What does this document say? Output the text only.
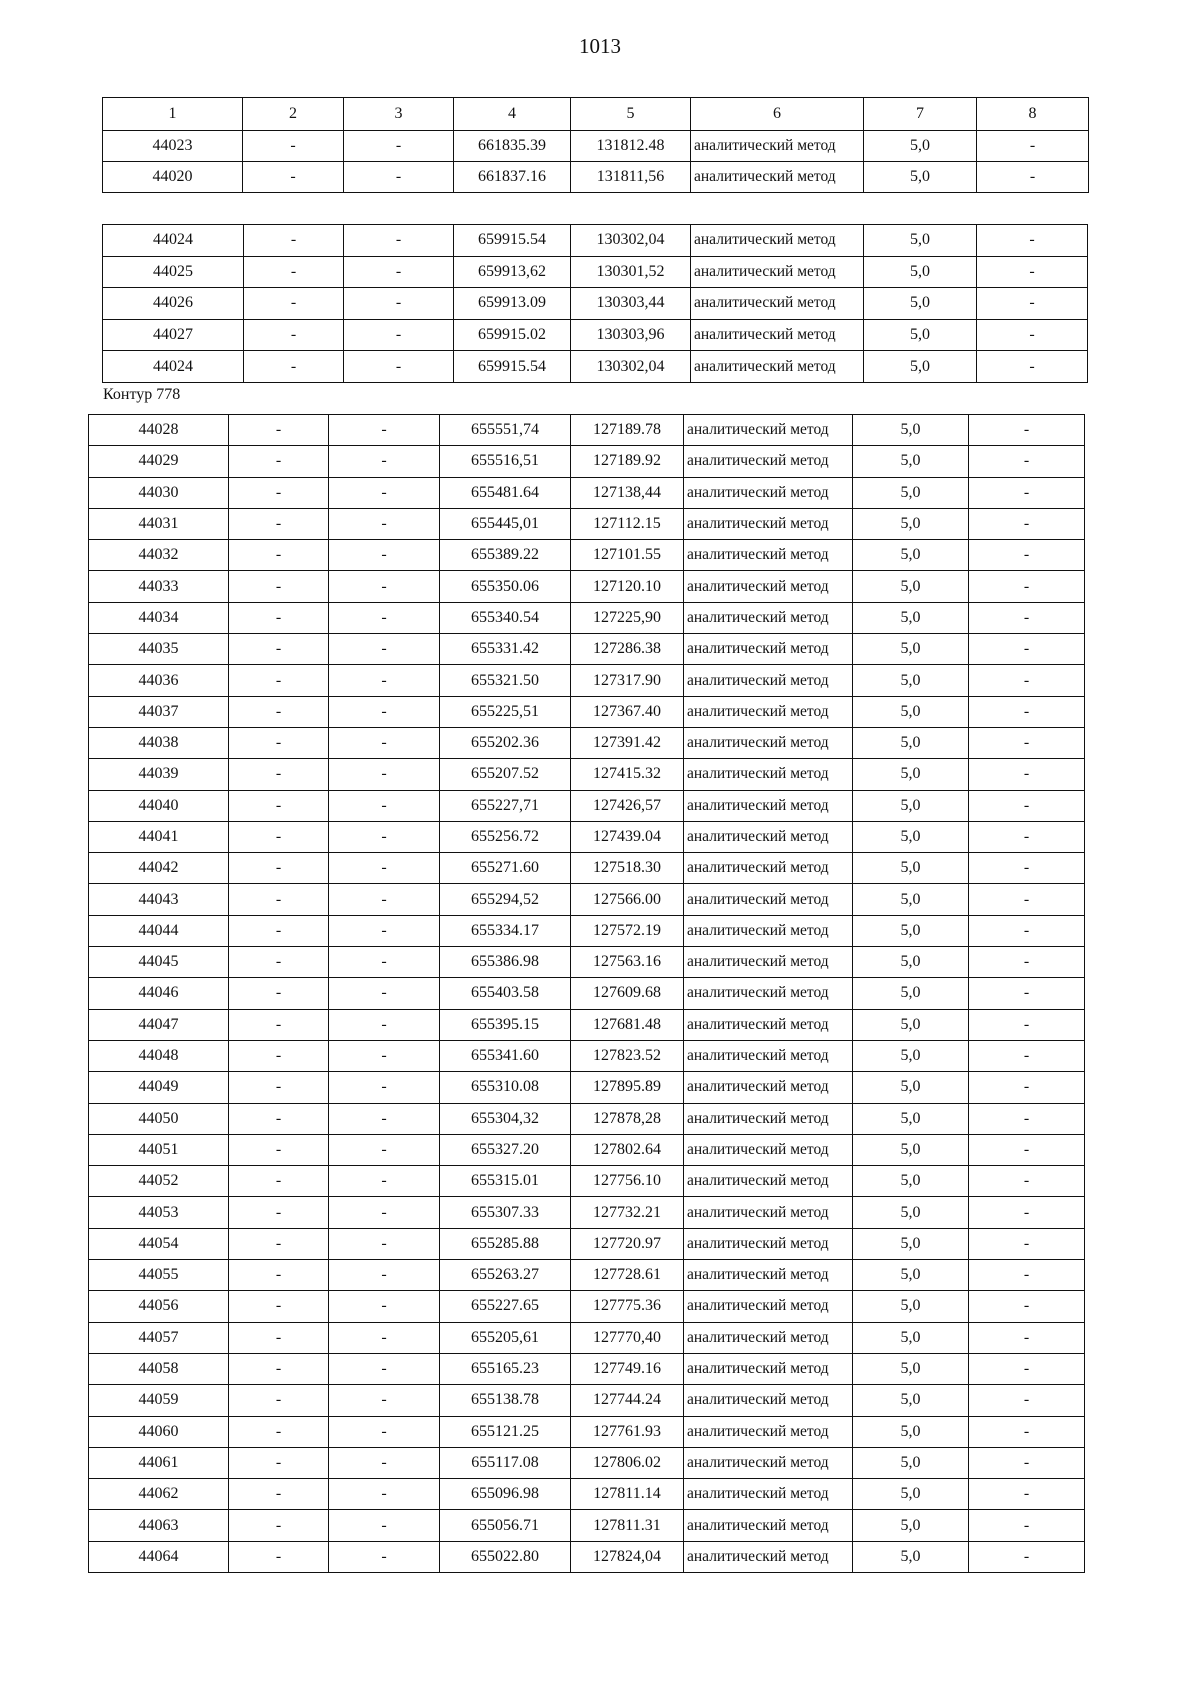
1013
1	2	3	4	5	6	7	8
44023	-	-	661835.39	131812.48	аналитический метод	5,0	-
44020	-	-	661837.16	131811,56	аналитический метод	5,0	-
44024	-	-	659915.54	130302,04	аналитический метод	5,0	-
44025	-	-	659913,62	130301,52	аналитический метод	5,0	-
44026	-	-	659913.09	130303,44	аналитический метод	5,0	-
44027	-	-	659915.02	130303,96	аналитический метод	5,0	-
44024	-	-	659915.54	130302,04	аналитический метод	5,0	-
Контур 778
44028	-	-	655551,74	127189.78	аналитический метод	5,0	-
44029	-	-	655516,51	127189.92	аналитический метод	5,0	-
44030	-	-	655481.64	127138,44	аналитический метод	5,0	-
44031	-	-	655445,01	127112.15	аналитический метод	5,0	-
44032	-	-	655389.22	127101.55	аналитический метод	5,0	-
44033	-	-	655350.06	127120.10	аналитический метод	5,0	-
44034	-	-	655340.54	127225,90	аналитический метод	5,0	-
44035	-	-	655331.42	127286.38	аналитический метод	5,0	-
44036	-	-	655321.50	127317.90	аналитический метод	5,0	-
44037	-	-	655225,51	127367.40	аналитический метод	5,0	-
44038	-	-	655202.36	127391.42	аналитический метод	5,0	-
44039	-	-	655207.52	127415.32	аналитический метод	5,0	-
44040	-	-	655227,71	127426,57	аналитический метод	5,0	-
44041	-	-	655256.72	127439.04	аналитический метод	5,0	-
44042	-	-	655271.60	127518.30	аналитический метод	5,0	-
44043	-	-	655294,52	127566.00	аналитический метод	5,0	-
44044	-	-	655334.17	127572.19	аналитический метод	5,0	-
44045	-	-	655386.98	127563.16	аналитический метод	5,0	-
44046	-	-	655403.58	127609.68	аналитический метод	5,0	-
44047	-	-	655395.15	127681.48	аналитический метод	5,0	-
44048	-	-	655341.60	127823.52	аналитический метод	5,0	-
44049	-	-	655310.08	127895.89	аналитический метод	5,0	-
44050	-	-	655304,32	127878,28	аналитический метод	5,0	-
44051	-	-	655327.20	127802.64	аналитический метод	5,0	-
44052	-	-	655315.01	127756.10	аналитический метод	5,0	-
44053	-	-	655307.33	127732.21	аналитический метод	5,0	-
44054	-	-	655285.88	127720.97	аналитический метод	5,0	-
44055	-	-	655263.27	127728.61	аналитический метод	5,0	-
44056	-	-	655227.65	127775.36	аналитический метод	5,0	-
44057	-	-	655205,61	127770,40	аналитический метод	5,0	-
44058	-	-	655165.23	127749.16	аналитический метод	5,0	-
44059	-	-	655138.78	127744.24	аналитический метод	5,0	-
44060	-	-	655121.25	127761.93	аналитический метод	5,0	-
44061	-	-	655117.08	127806.02	аналитический метод	5,0	-
44062	-	-	655096.98	127811.14	аналитический метод	5,0	-
44063	-	-	655056.71	127811.31	аналитический метод	5,0	-
44064	-	-	655022.80	127824,04	аналитический метод	5,0	-
